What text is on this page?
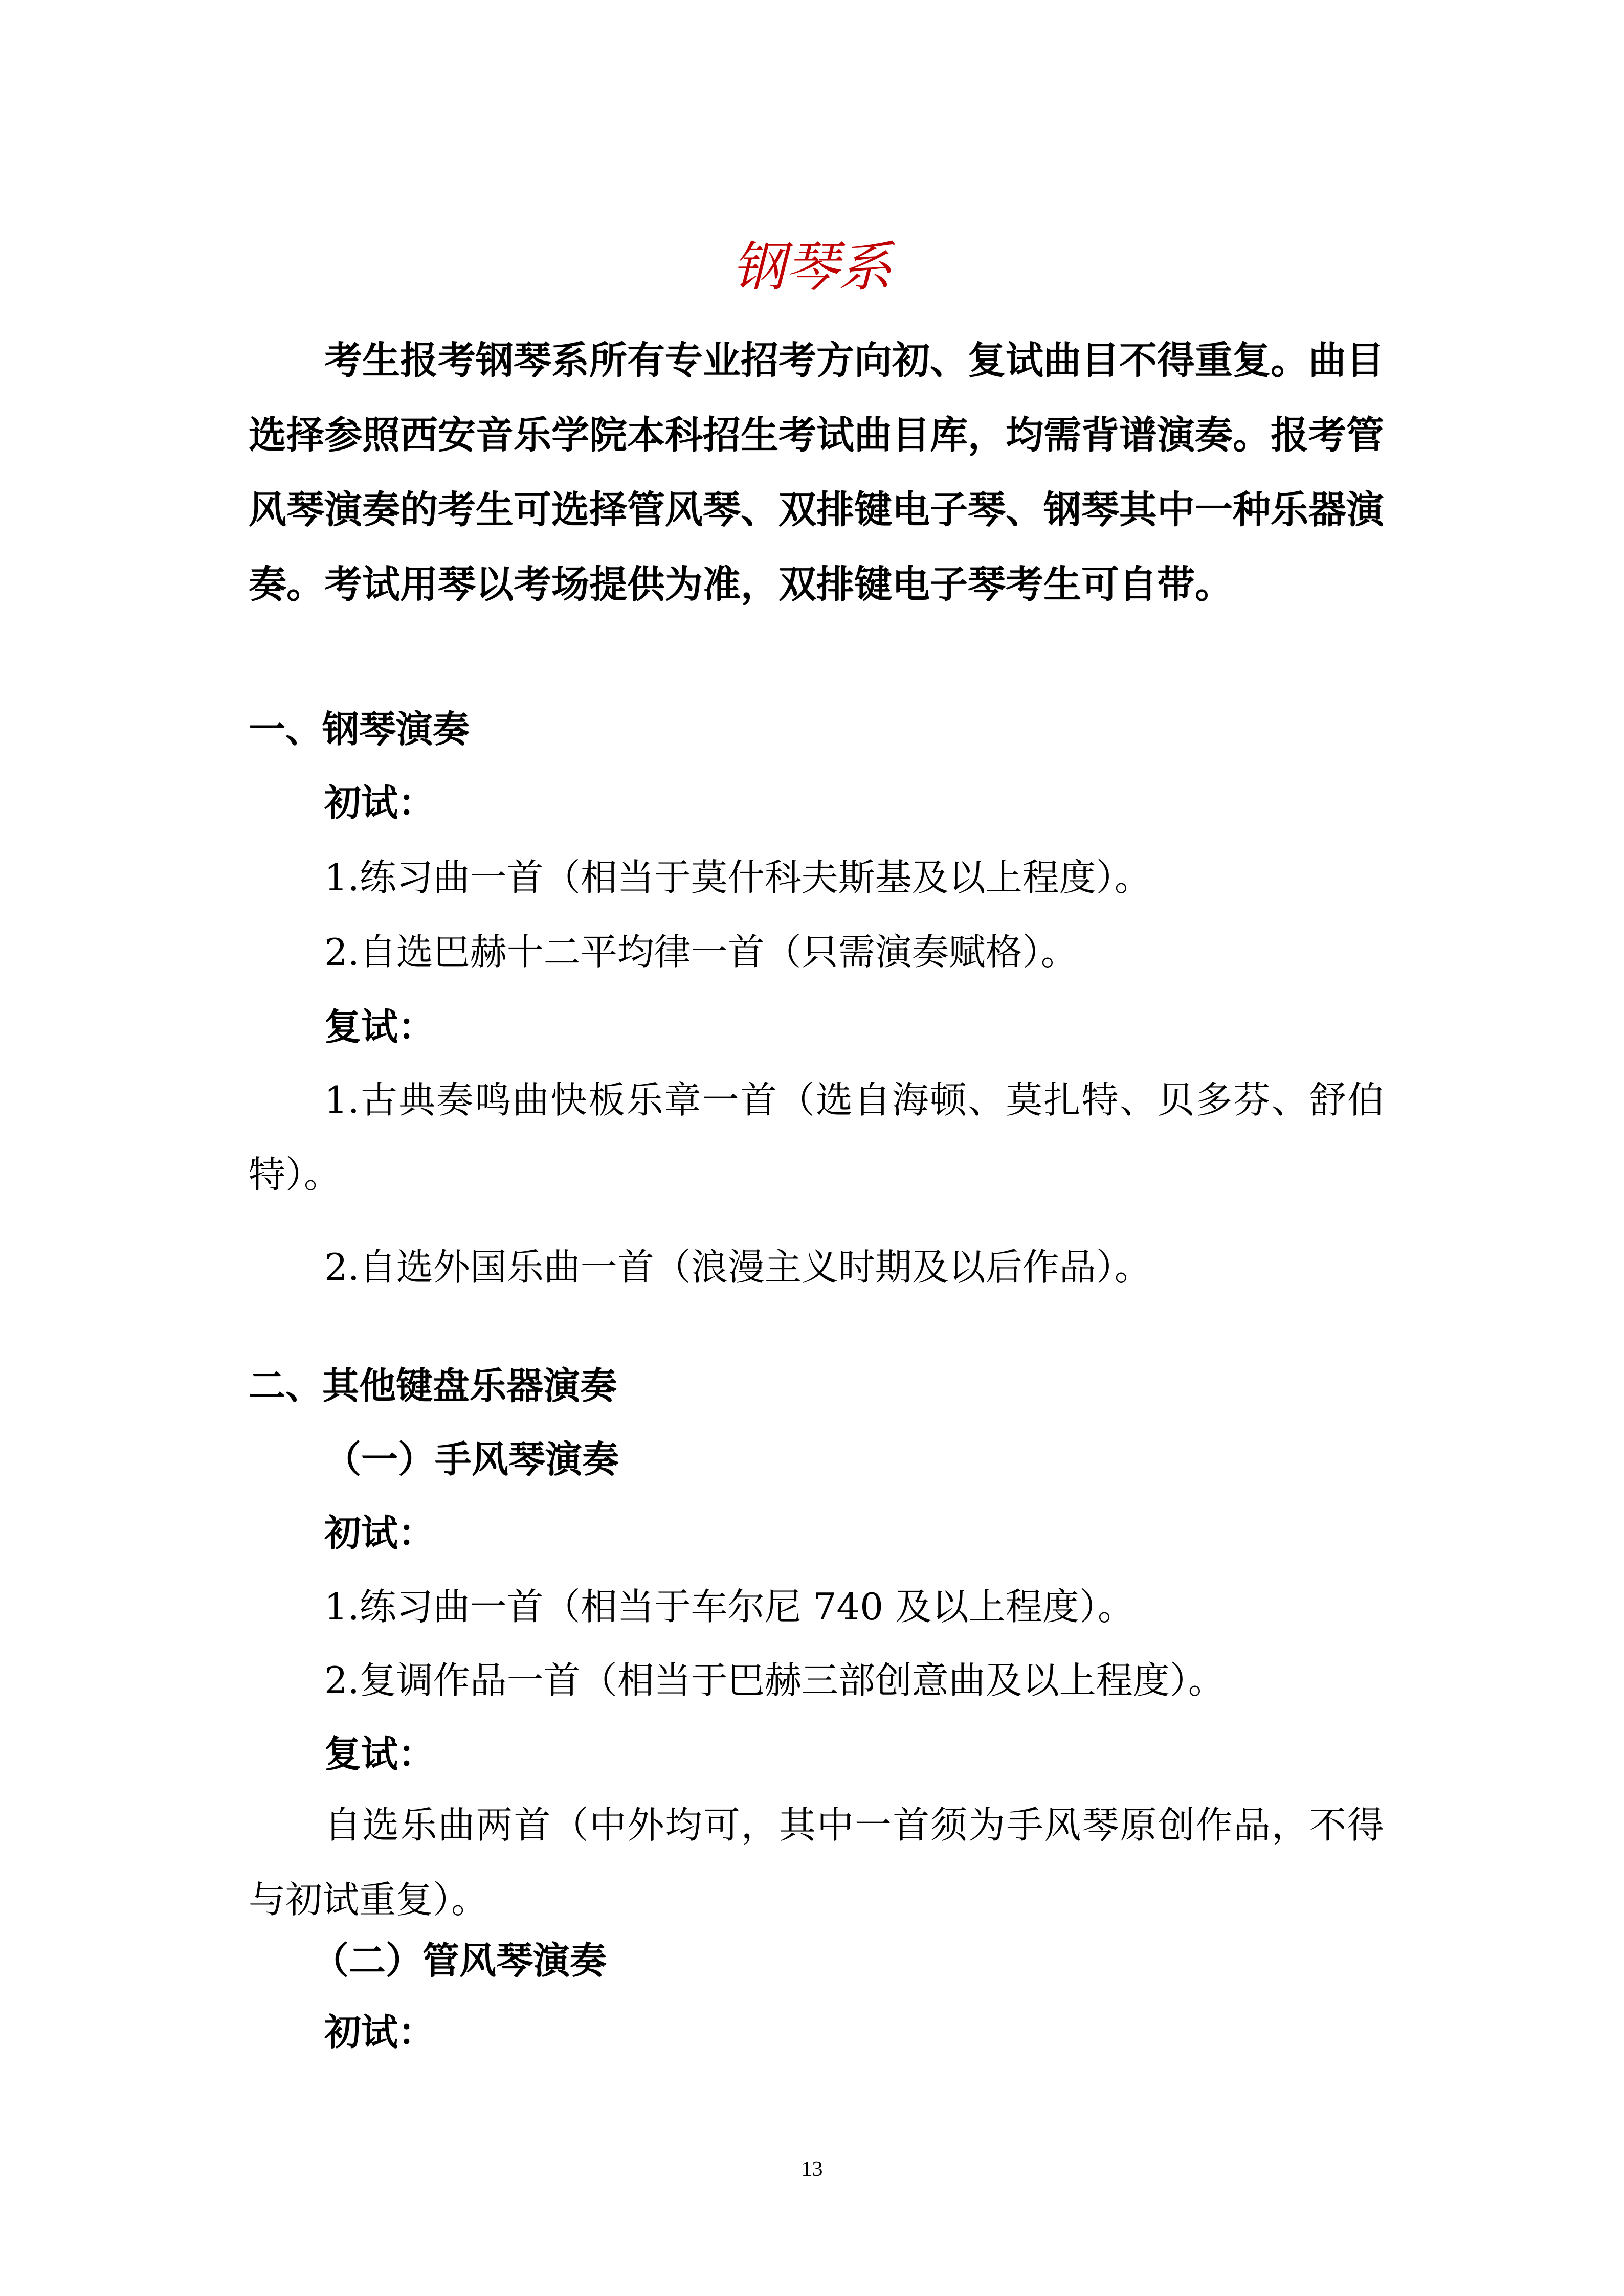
钢琴系
考生报考钢琴系所有专业招考方向初、复试曲目不得重复。曲目选择参照西安音乐学院本科招生考试曲目库，均需背谱演奏。报考管风琴演奏的考生可选择管风琴、双排键电子琴、钢琴其中一种乐器演奏。考试用琴以考场提供为准，双排键电子琴考生可自带。
一、钢琴演奏
初试：
1.练习曲一首（相当于莫什科夫斯基及以上程度）。
2.自选巴赫十二平均律一首（只需演奏赋格）。
复试：
1.古典奏鸣曲快板乐章一首（选自海顿、莫扎特、贝多芬、舒伯特）。
2.自选外国乐曲一首（浪漫主义时期及以后作品）。
二、其他键盘乐器演奏
（一）手风琴演奏
初试：
1.练习曲一首（相当于车尔尼 740 及以上程度）。
2.复调作品一首（相当于巴赫三部创意曲及以上程度）。
复试：
自选乐曲两首（中外均可，其中一首须为手风琴原创作品，不得与初试重复）。
（二）管风琴演奏
初试：
13
